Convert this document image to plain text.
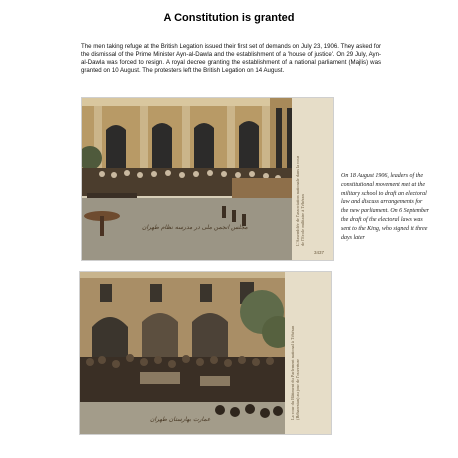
A Constitution is granted

The men taking refuge at the British Legation issued their first set of demands on July 23, 1906. They asked for the dismissal of the Prime Minister Ayn-al-Dawla and the establishment of a 'house of justice'. On 29 July, Ayn-al-Dawla was forced to resign. A royal decree granting the establishment of a national parliament (Majlis) was granted on 10 August. The protesters left the British Legation on 14 August.

L'Assemblée de l'association nationale dans la cour
de l'Ecole militaire à Téhéran
مجلس انجمن ملی در مدرسه نظام طهران
3437
La cour du Bâtiment du Parlement national à Téhéran
(Béharestan) au jour de l'ouverture
عمارت بهارستان طهران
On 18 August 1906, leaders of the constitutional movement met at the military school to draft an electoral law and discuss arrangements for the new parliament. On 6 September the draft of the electoral laws was sent to the King, who signed it three days later
